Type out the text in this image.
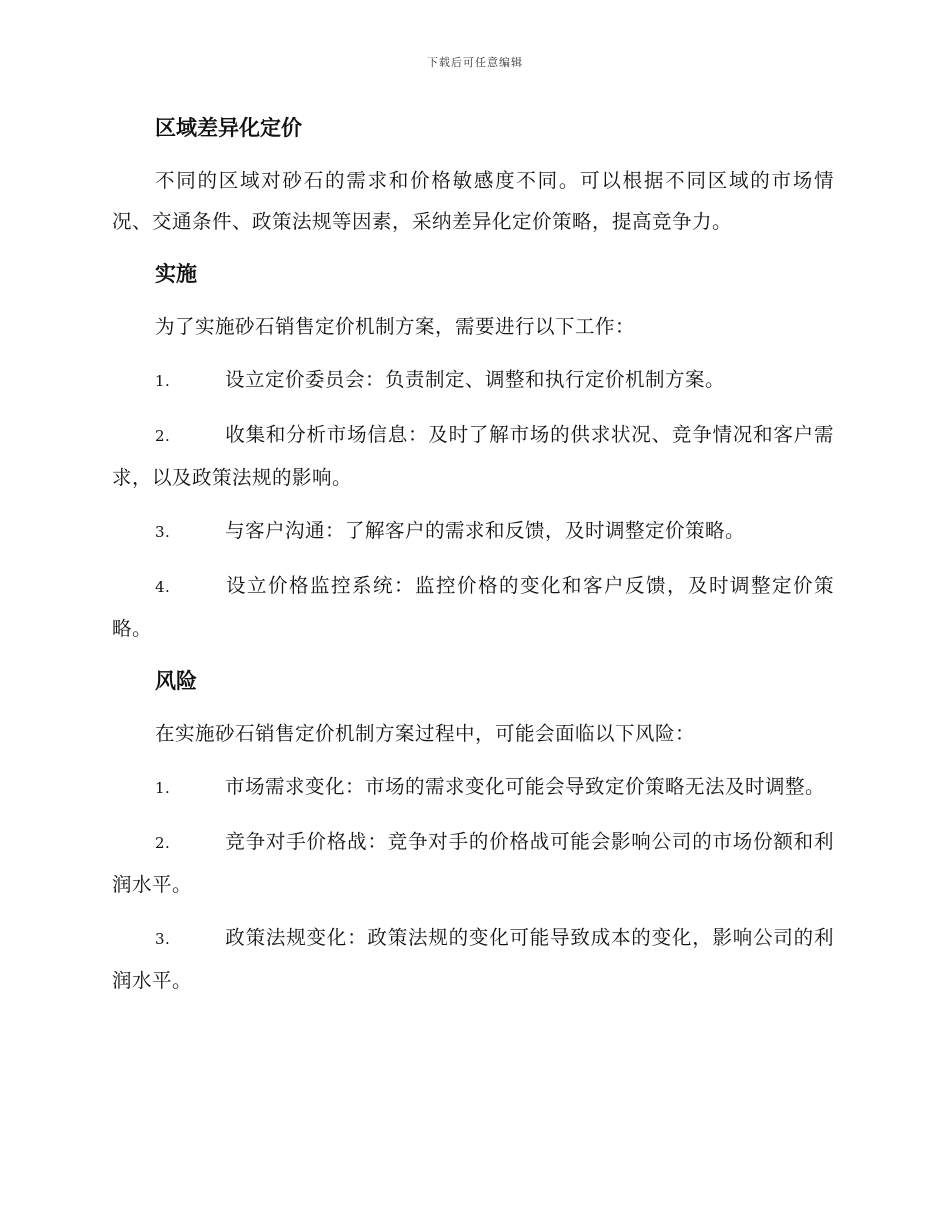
下载后可任意编辑
区域差异化定价

不同的区域对砂石的需求和价格敏感度不同。可以根据不同区域的市场情况、交通条件、政策法规等因素，采纳差异化定价策略，提高竞争力。

实施

为了实施砂石销售定价机制方案，需要进行以下工作：

1.	设立定价委员会：负责制定、调整和执行定价机制方案。

2.	收集和分析市场信息：及时了解市场的供求状况、竞争情况和客户需求，以及政策法规的影响。

3.	与客户沟通：了解客户的需求和反馈，及时调整定价策略。

4.	设立价格监控系统：监控价格的变化和客户反馈，及时调整定价策略。

风险

在实施砂石销售定价机制方案过程中，可能会面临以下风险：

1.	市场需求变化：市场的需求变化可能会导致定价策略无法及时调整。

2.	竞争对手价格战：竞争对手的价格战可能会影响公司的市场份额和利润水平。

3.	政策法规变化：政策法规的变化可能导致成本的变化，影响公司的利润水平。
